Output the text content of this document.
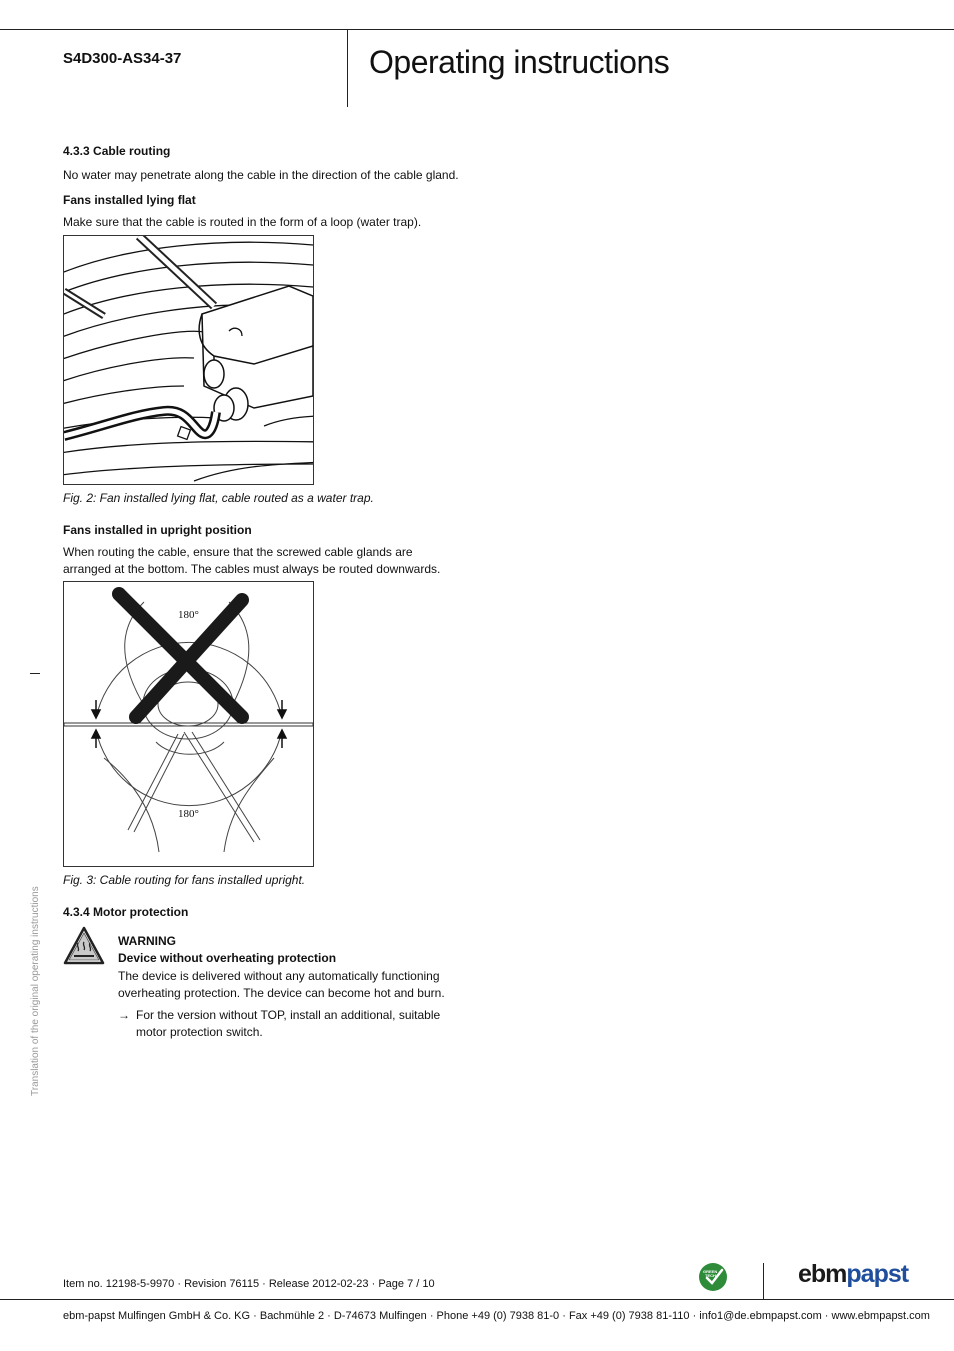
S4D300-AS34-37	Operating instructions
4.3.3 Cable routing
No water may penetrate along the cable in the direction of the cable gland.
Fans installed lying flat
Make sure that the cable is routed in the form of a loop (water trap).
Fig. 2: Fan installed lying flat, cable routed as a water trap.
Fans installed in upright position
When routing the cable, ensure that the screwed cable glands are
arranged at the bottom. The cables must always be routed downwards.
180°
180°
Fig. 3: Cable routing for fans installed upright.
4.3.4 Motor protection
WARNING
Device without overheating protection
The device is delivered without any automatically functioning
overheating protection. The device can become hot and burn.
→ For the version without TOP, install an additional, suitable
motor protection switch.
Translation of the original operating instructions
Item no. 12198-5-9970 · Revision 76115 · Release 2012-02-23 · Page 7 / 10
GREEN
TECH	ebmpapst
ebm-papst Mulfingen GmbH & Co. KG · Bachmühle 2 · D-74673 Mulfingen · Phone +49 (0) 7938 81-0 · Fax +49 (0) 7938 81-110 · info1@de.ebmpapst.com · www.ebmpapst.com
